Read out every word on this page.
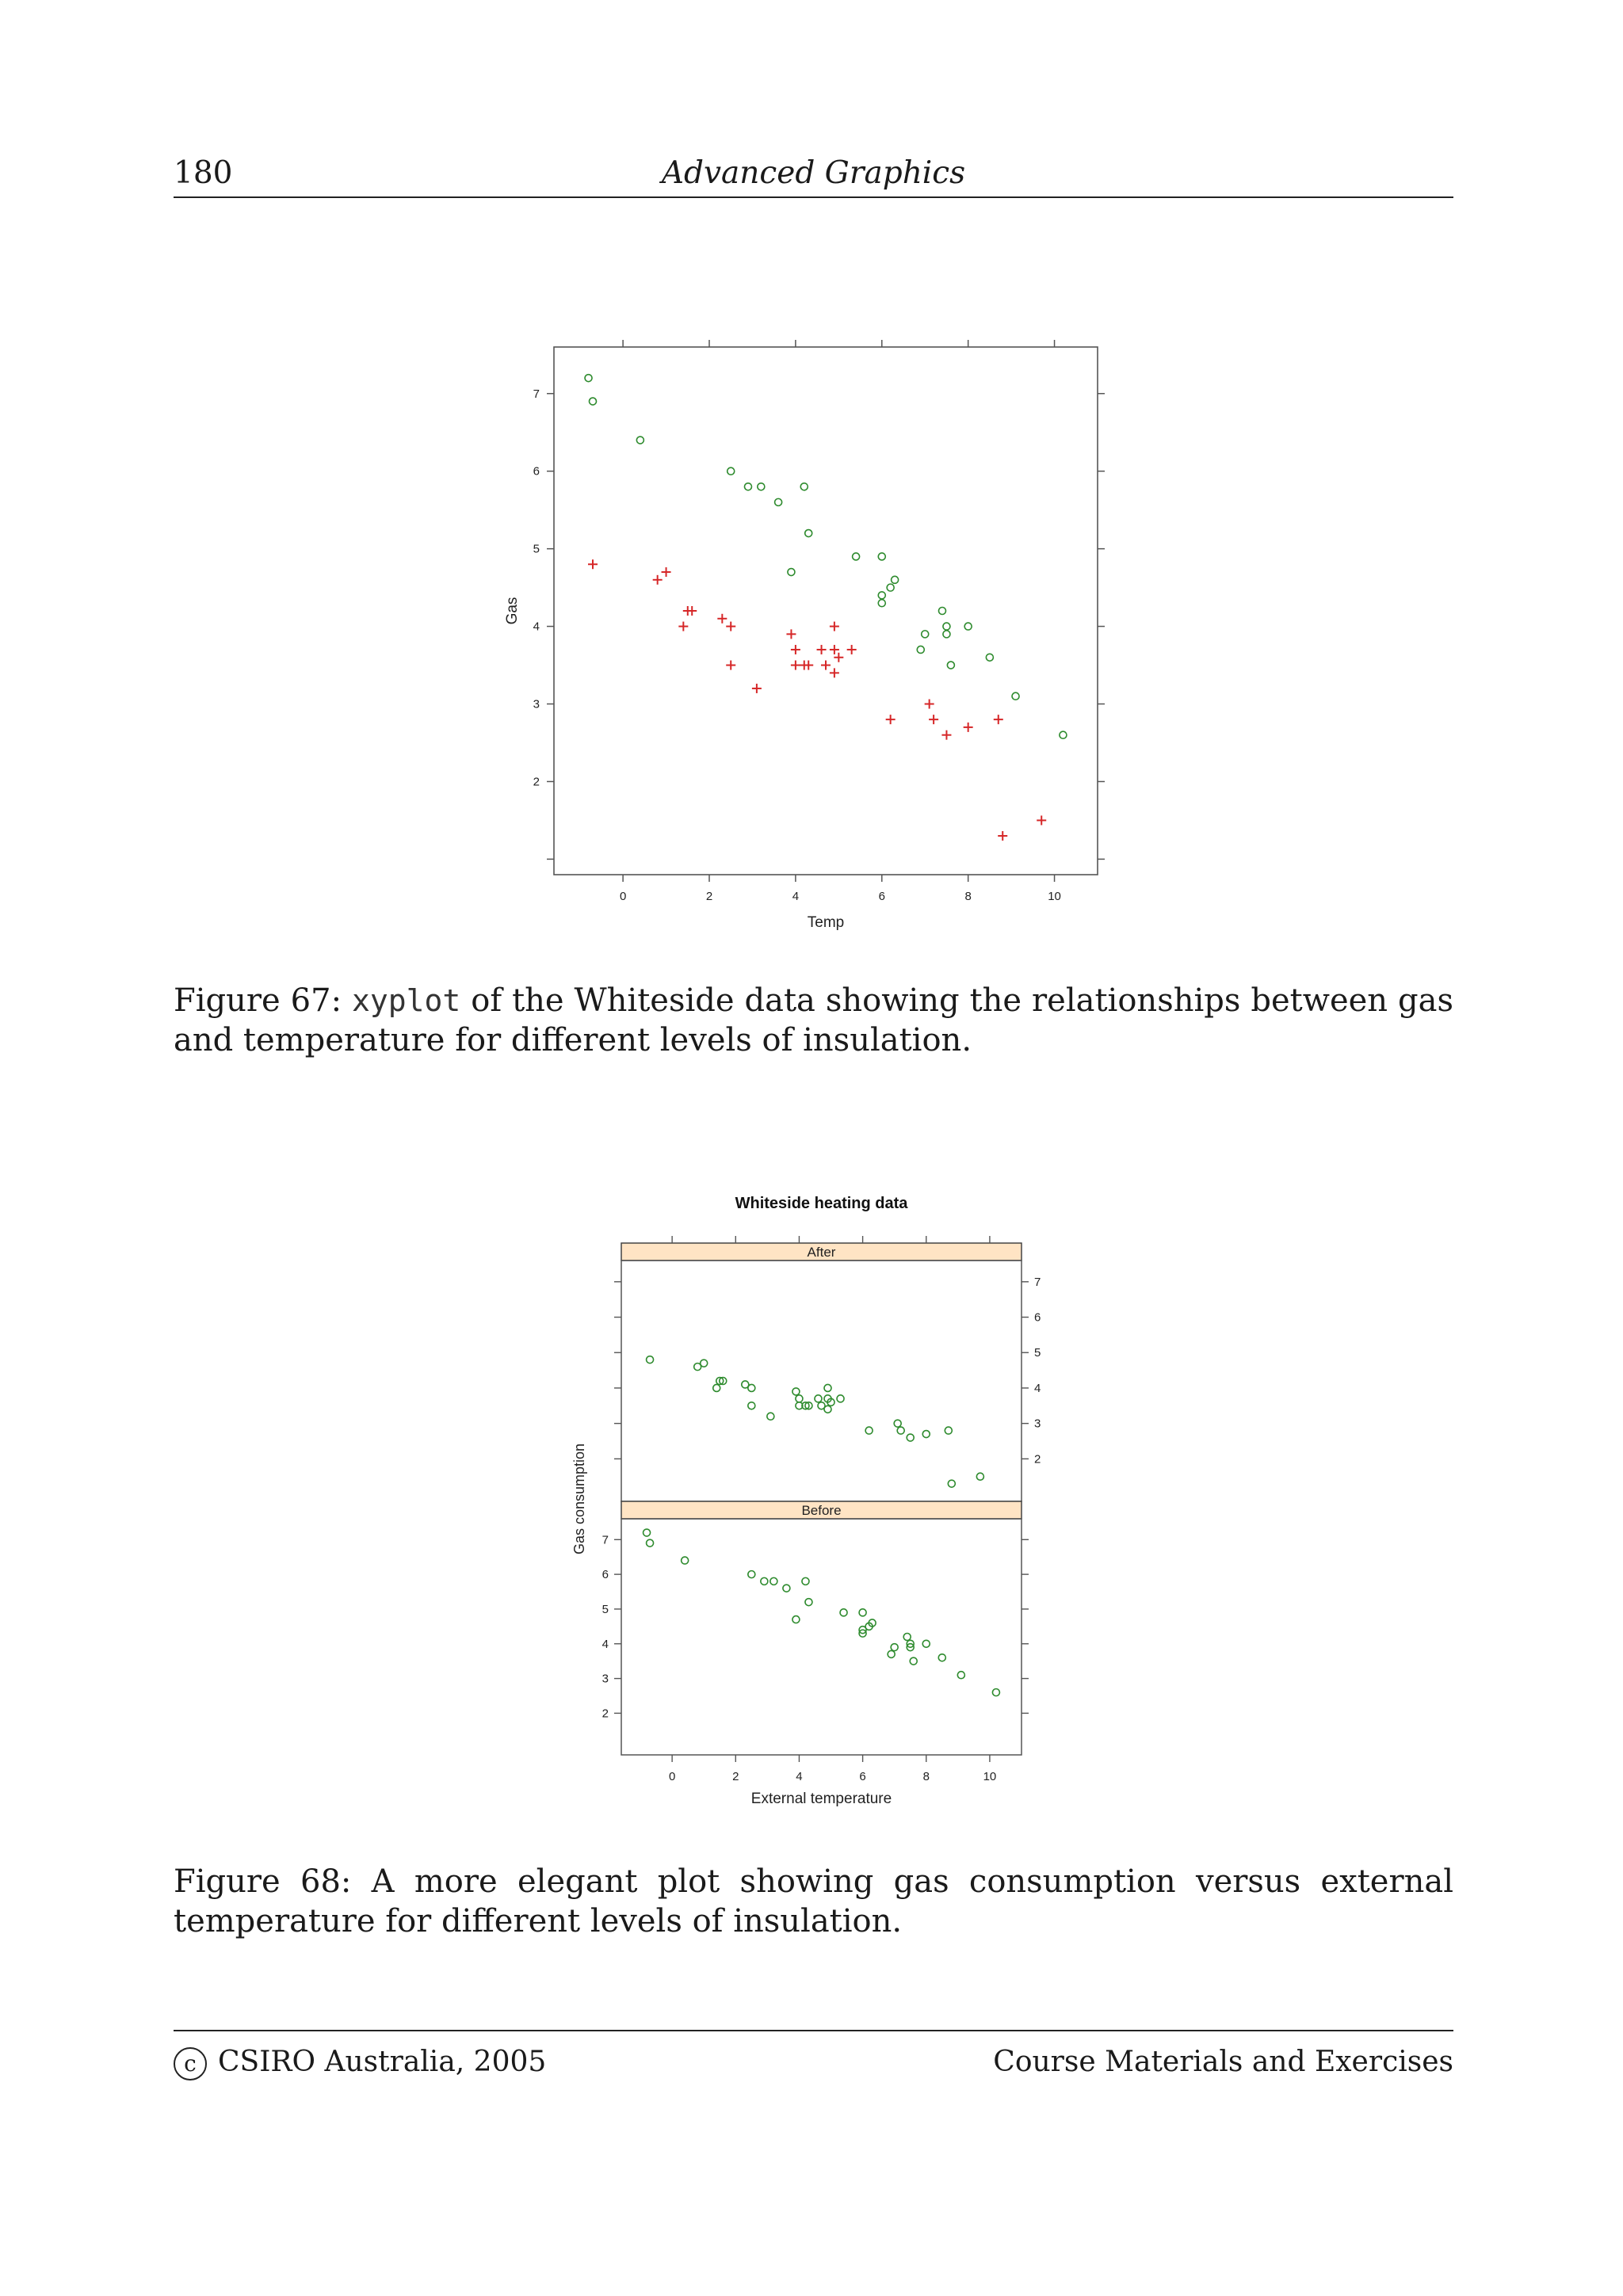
180	Advanced Graphics
0	2	4	6	8	10
2
3
4
5
6
7
Temp
Gas
Whiteside heating data
After
2
3
4
5
6
7
Before
2
3
4
5
6
7
0	2	4	6	8	10
External temperature
Gas consumption
Figure 67: xyplot of the Whiteside data showing the relationships between gas and temperature for different levels of insulation.
Figure 68: A more elegant plot showing gas consumption versus external temperature for different levels of insulation.
c CSIRO Australia, 2005	Course Materials and Exercises
